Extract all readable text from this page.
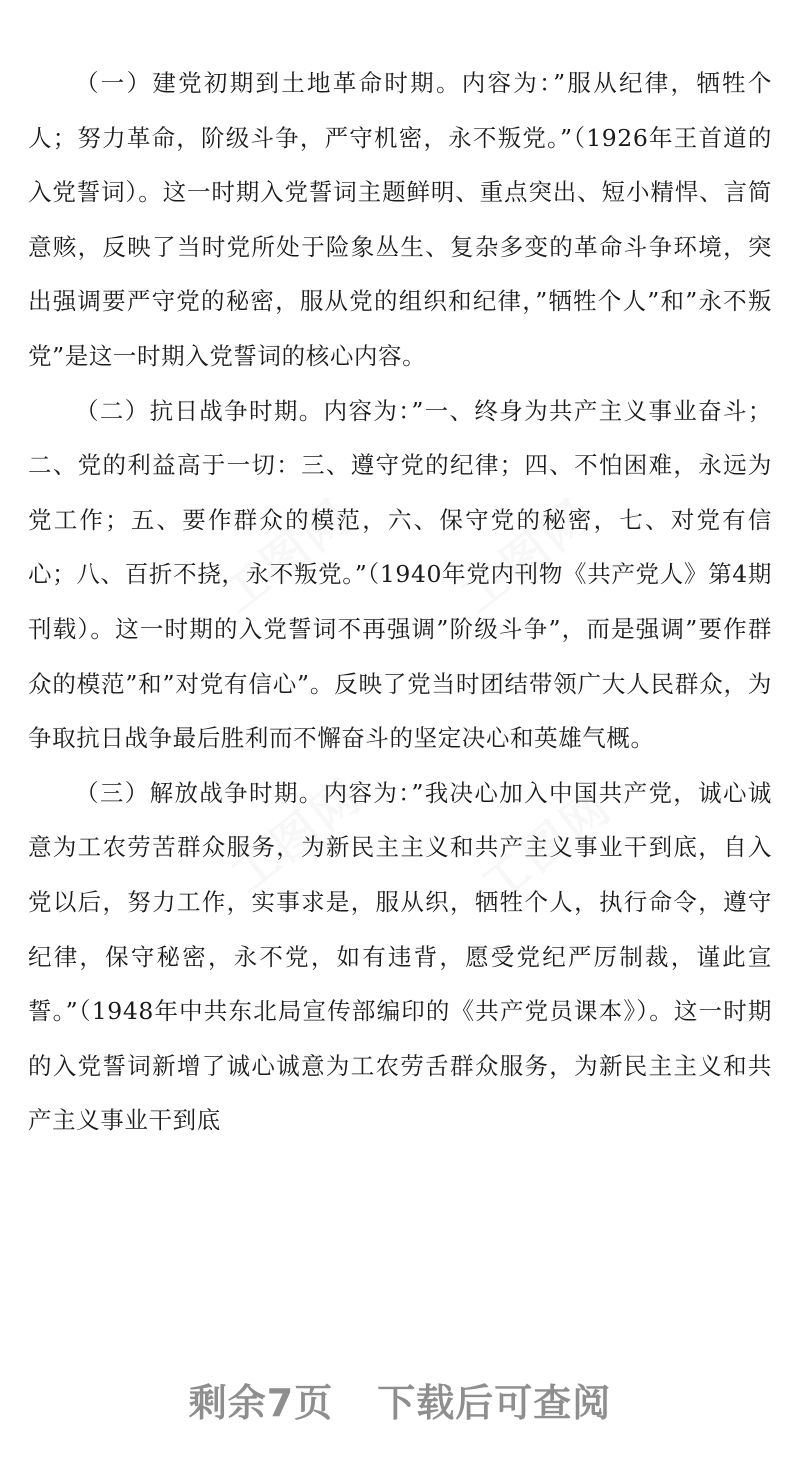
工图网 工图网
工图网 工图网

（一）建党初期到土地革命时期。内容为：”服从纪律，牺牲个人；努力革命，阶级斗争，严守机密，永不叛党。”（1926年王首道的入党誓词）。这一时期入党誓词主题鲜明、重点突出、短小精悍、言简意赅，反映了当时党所处于险象丛生、复杂多变的革命斗争环境，突出强调要严守党的秘密，服从党的组织和纪律，”牺牲个人”和”永不叛党”是这一时期入党誓词的核心内容。

（二）抗日战争时期。内容为：”一、终身为共产主义事业奋斗；二、党的利益高于一切：三、遵守党的纪律；四、不怕困难，永远为党工作；五、要作群众的模范，六、保守党的秘密，七、对党有信心；八、百折不挠，永不叛党。”（1940年党内刊物《共产党人》第4期刊载）。这一时期的入党誓词不再强调”阶级斗争”，而是强调”要作群众的模范”和”对党有信心”。反映了党当时团结带领广大人民群众，为争取抗日战争最后胜利而不懈奋斗的坚定决心和英雄气概。

（三）解放战争时期。内容为：”我决心加入中国共产党，诚心诚意为工农劳苦群众服务，为新民主主义和共产主义事业干到底，自入党以后，努力工作，实事求是，服从织，牺牲个人，执行命令，遵守纪律，保守秘密，永不党，如有违背，愿受党纪严厉制裁，谨此宣誓。”（1948年中共东北局宣传部编印的《共产党员课本》）。这一时期的入党誓词新增了诚心诚意为工农劳舌群众服务，为新民主主义和共产主义事业干到底

剩余7页 下载后可查阅
